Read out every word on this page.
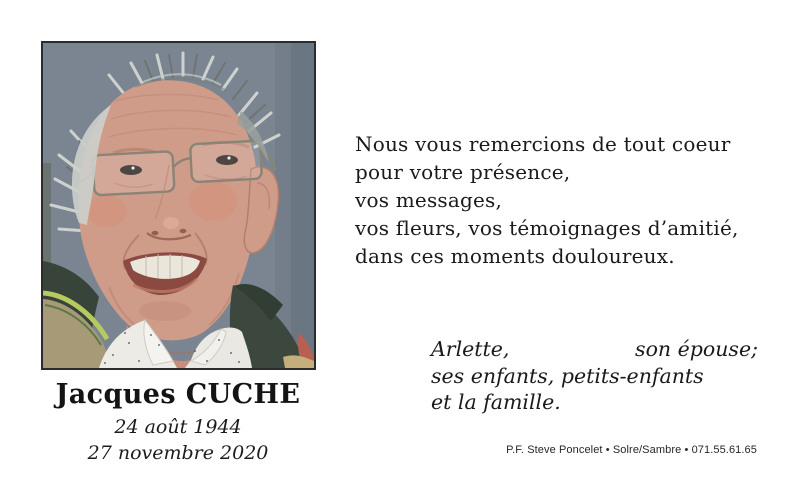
Jacques CUCHE
24 août 1944
27 novembre 2020
Nous vous remercions de tout coeur
pour votre présence,
vos messages,
vos fleurs, vos témoignages d’amitié,
dans ces moments douloureux.
Arlette,	son épouse;
ses enfants, petits-enfants
et la famille.
P.F. Steve Poncelet • Solre/Sambre • 071.55.61.65
